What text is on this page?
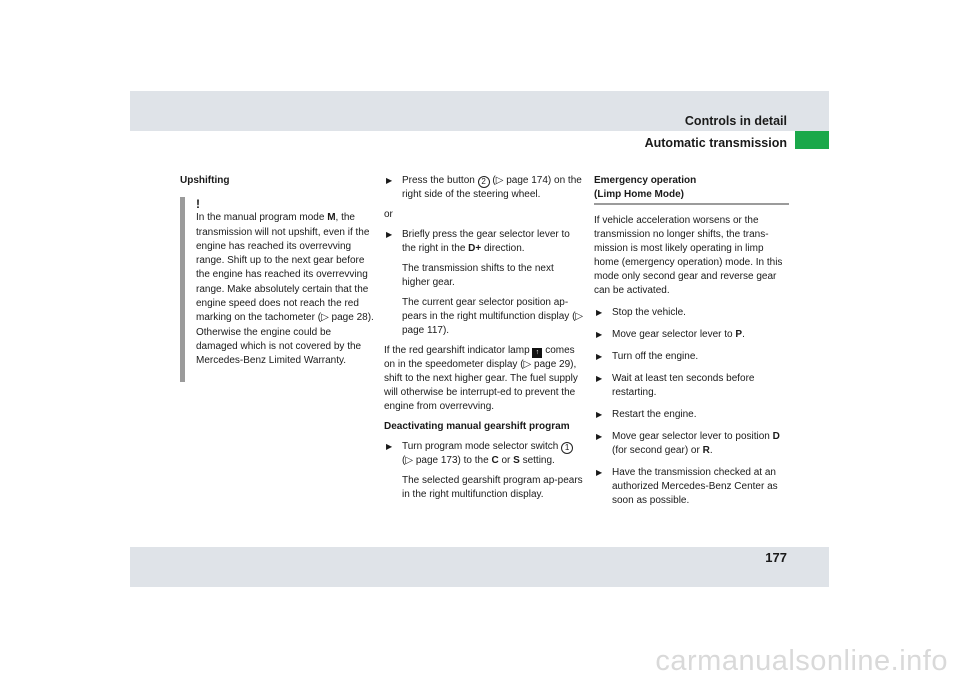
Controls in detail
Automatic transmission

Upshifting

!
In the manual program mode M, the transmission will not upshift, even if the engine has reached its overrevving range. Shift up to the next gear before the engine has reached its overrevving range. Make absolutely certain that the engine speed does not reach the red marking on the tachometer (▷ page 28). Otherwise the engine could be damaged which is not covered by the Mercedes-Benz Limited Warranty.

▶ Press the button 2 (▷ page 174) on the right side of the steering wheel.

or

▶ Briefly press the gear selector lever to the right in the D+ direction.

The transmission shifts to the next higher gear.

The current gear selector position ap-pears in the right multifunction display (▷ page 117).

If the red gearshift indicator lamp ↑ comes on in the speedometer display (▷ page 29), shift to the next higher gear. The fuel supply will otherwise be interrupt-ed to prevent the engine from overrevving.

Deactivating manual gearshift program

▶ Turn program mode selector switch 1 (▷ page 173) to the C or S setting.

The selected gearshift program ap-pears in the right multifunction display.

Emergency operation

(Limp Home Mode)

If vehicle acceleration worsens or the transmission no longer shifts, the trans-mission is most likely operating in limp home (emergency operation) mode. In this mode only second gear and reverse gear can be activated.

▶ Stop the vehicle.

▶ Move gear selector lever to P.

▶ Turn off the engine.

▶ Wait at least ten seconds before restarting.

▶ Restart the engine.

▶ Move gear selector lever to position D (for second gear) or R.

▶ Have the transmission checked at an authorized Mercedes-Benz Center as soon as possible.

177
carmanualsonline.info
